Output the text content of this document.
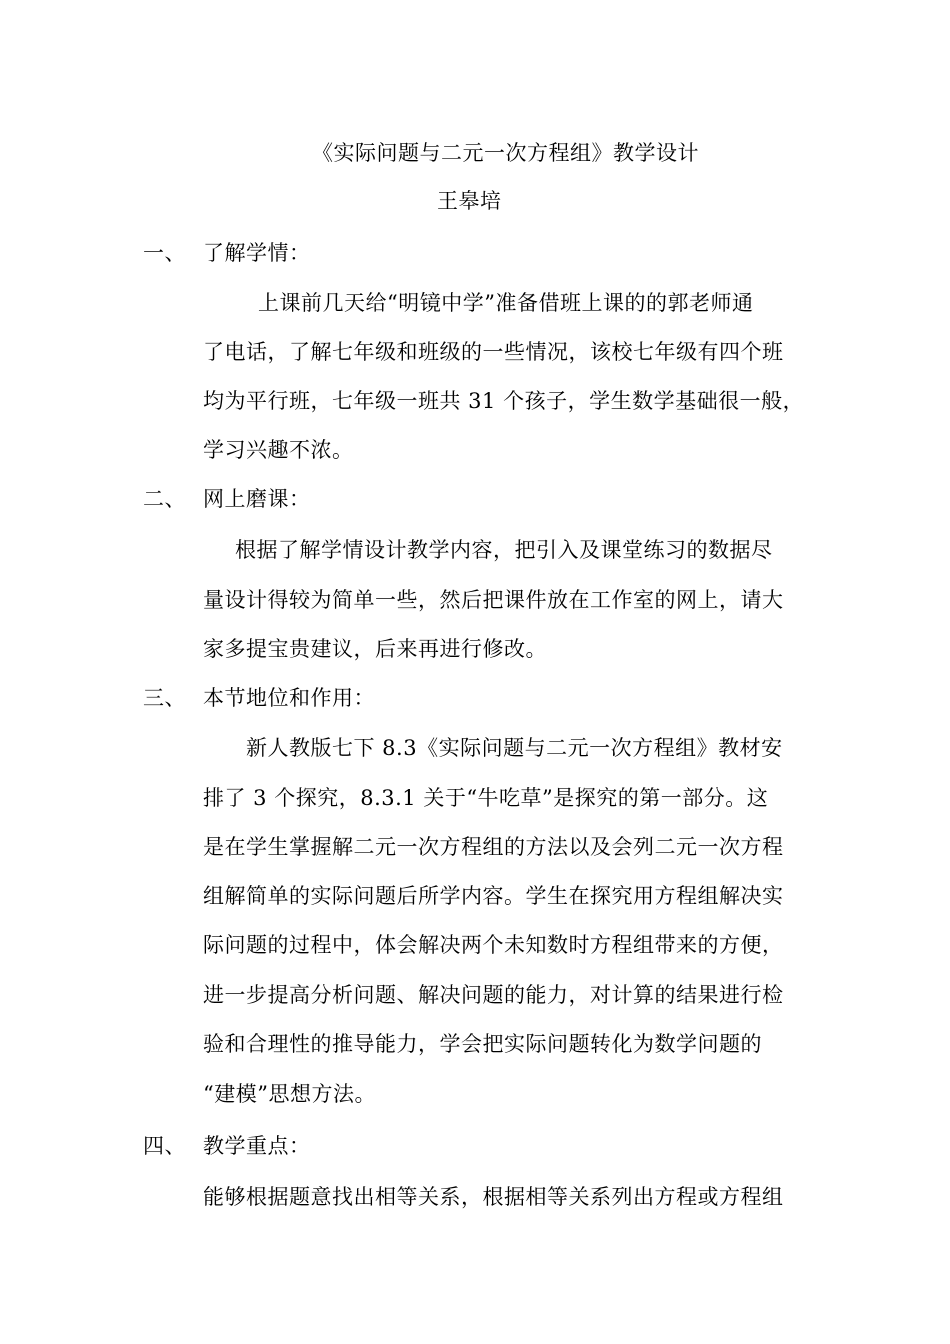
《实际问题与二元一次方程组》教学设计
王皋培
一、 了解学情：
上课前几天给“明镜中学”准备借班上课的的郭老师通
了电话，了解七年级和班级的一些情况，该校七年级有四个班
均为平行班，七年级一班共 31 个孩子，学生数学基础很一般，
学习兴趣不浓。
二、 网上磨课：
根据了解学情设计教学内容，把引入及课堂练习的数据尽
量设计得较为简单一些，然后把课件放在工作室的网上，请大
家多提宝贵建议，后来再进行修改。
三、 本节地位和作用：
新人教版七下 8.3《实际问题与二元一次方程组》教材安
排了 3 个探究，8.3.1 关于“牛吃草”是探究的第一部分。这
是在学生掌握解二元一次方程组的方法以及会列二元一次方程
组解简单的实际问题后所学内容。学生在探究用方程组解决实
际问题的过程中，体会解决两个未知数时方程组带来的方便，
进一步提高分析问题、解决问题的能力，对计算的结果进行检
验和合理性的推导能力，学会把实际问题转化为数学问题的
“建模”思想方法。
四、 教学重点：
能够根据题意找出相等关系，根据相等关系列出方程或方程组
